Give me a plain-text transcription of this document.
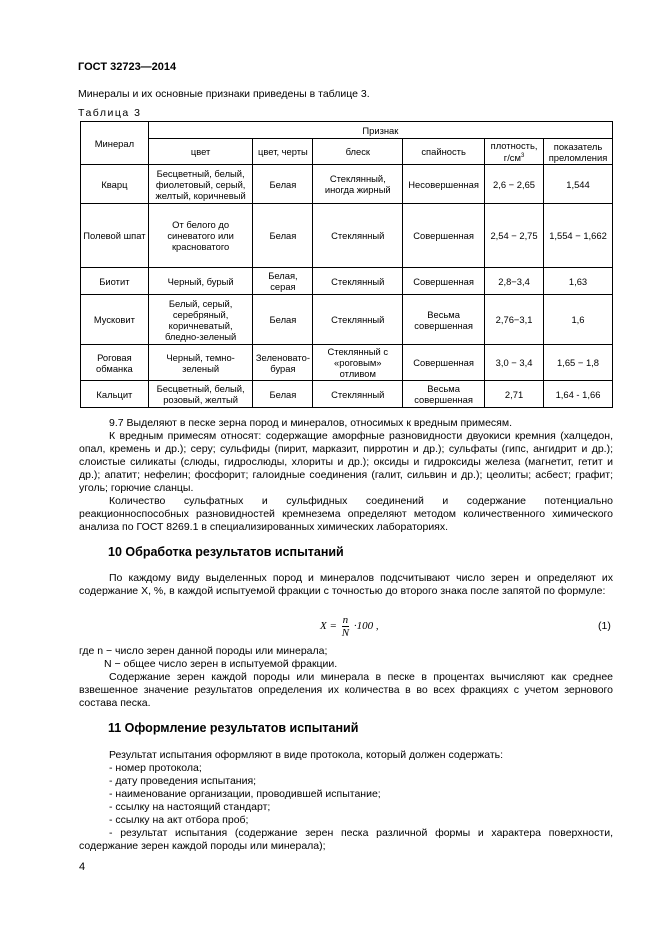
ГОСТ 32723—2014
Минералы и их основные признаки приведены в таблице 3.
Таблица 3
Минерал	Признак					
	цвет	цвет, черты	блеск	спайность	плотность, $г/см^3$	показатель преломления
Кварц	Бесцветный, белый, фиолетовый, серый, желтый, коричневый	Белая	Стеклянный, иногда жирный	Несовершенная	2,6 − 2,65	1,544
Полевой шпат	От белого до синеватого или красноватого	Белая	Стеклянный	Совершенная	2,54 − 2,75	1,554 − 1,662
Биотит	Черный, бурый	Белая, серая	Стеклянный	Совершенная	2,8−3,4	1,63
Мусковит	Белый, серый, серебряный, коричневатый, бледно-зеленый	Белая	Стеклянный	Весьма совершенная	2,76−3,1	1,6
Роговая обманка	Черный, темно-зеленый	Зеленовато-бурая	Стеклянный с «роговым» отливом	Совершенная	3,0 − 3,4	1,65 − 1,8
Кальцит	Бесцветный, белый, розовый, желтый	Белая	Стеклянный	Весьма совершенная	2,71	1,64 - 1,66

9.7 Выделяют в песке зерна пород и минералов, относимых к вредным примесям.

К вредным примесям относят: содержащие аморфные разновидности двуокиси кремния (халцедон, опал, кремень и др.); серу; сульфиды (пирит, марказит, пирротин и др.); сульфаты (гипс, ангидрит и др.); слоистые силикаты (слюды, гидрослюды, хлориты и др.); оксиды и гидроксиды железа (магнетит, гетит и др.); апатит; нефелин; фосфорит; галоидные соединения (галит, сильвин и др.); цеолиты; асбест; графит; уголь; горючие сланцы.

Количество сульфатных и сульфидных соединений и содержание потенциально реакционноспособных разновидностей кремнезема определяют методом количественного химического анализа по ГОСТ 8269.1 в специализированных химических лабораториях.

10 Обработка результатов испытаний

По каждому виду выделенных пород и минералов подсчитывают число зерен и определяют их содержание X, %, в каждой испытуемой фракции с точностью до второго знака после запятой по формуле:

$X = \frac{n}{N} \cdot 100$ ,	(1)

где n − число зерен данной породы или минерала;

N − общее число зерен в испытуемой фракции.

Содержание зерен каждой породы или минерала в песке в процентах вычисляют как среднее взвешенное значение результатов определения их количества в во всех фракциях с учетом зернового состава песка.

11 Оформление результатов испытаний

Результат испытания оформляют в виде протокола, который должен содержать:

- номер протокола;

- дату проведения испытания;

- наименование организации, проводившей испытание;

- ссылку на настоящий стандарт;

- ссылку на акт отбора проб;

- результат испытания (содержание зерен песка различной формы и характера поверхности, содержание зерен каждой породы или минерала);

4
